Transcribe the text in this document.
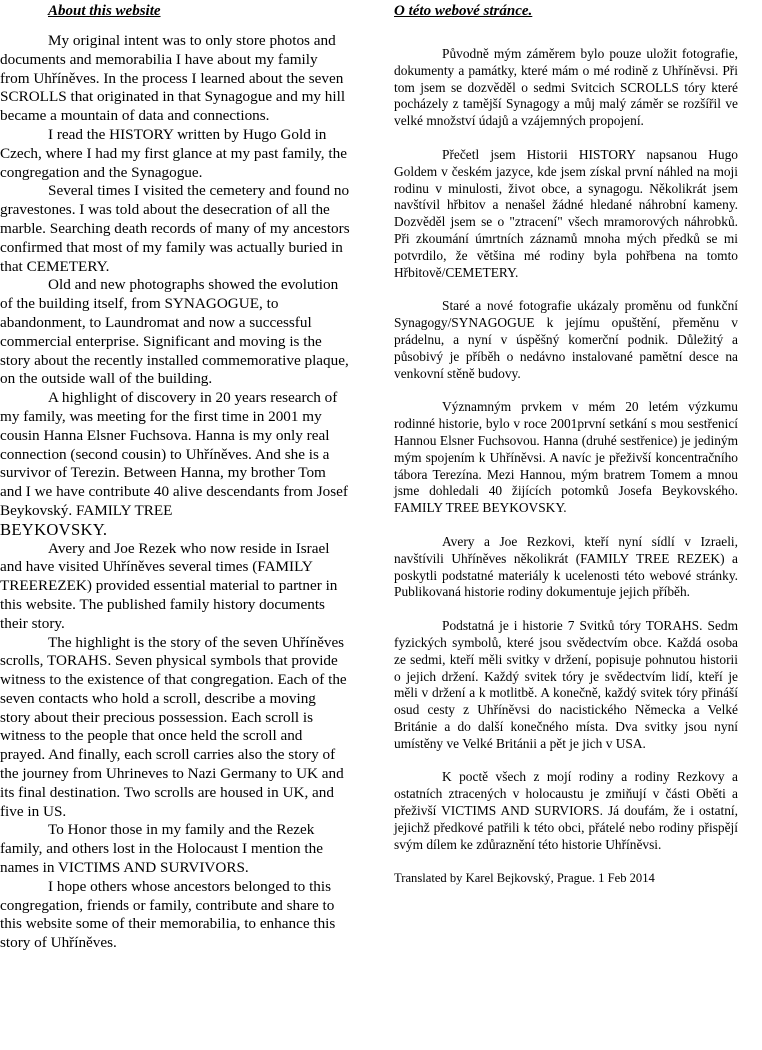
About this website

My original intent was to only store photos and documents and memorabilia I have about my family from Uhříněves. In the process I learned about the seven SCROLLS that originated in that Synagogue and my hill became a mountain of data and connections.

I read the HISTORY written by Hugo Gold in Czech, where I had my first glance at my past family, the congregation and the Synagogue.

Several times I visited the cemetery and found no gravestones. I was told about the desecration of all the marble. Searching death records of many of my ancestors confirmed that most of my family was actually buried in that CEMETERY.

Old and new photographs showed the evolution of the building itself, from SYNAGOGUE, to abandonment, to Laundromat and now a successful commercial enterprise. Significant and moving is the story about the recently installed commemorative plaque, on the outside wall of the building.

A highlight of discovery in 20 years research of my family, was meeting for the first time in 2001 my cousin Hanna Elsner Fuchsova. Hanna is my only real connection (second cousin) to Uhříněves. And she is a survivor of Terezin. Between Hanna, my brother Tom and I we have contribute 40 alive descendants from Josef Beykovský. FAMILY TREE

BEYKOVSKY.

Avery and Joe Rezek who now reside in Israel and have visited Uhříněves several times (FAMILY TREEREZEK) provided essential material to partner in this website. The published family history documents their story.

The highlight is the story of the seven Uhříněves scrolls, TORAHS. Seven physical symbols that provide witness to the existence of that congregation. Each of the seven contacts who hold a scroll, describe a moving story about their precious possession. Each scroll is witness to the people that once held the scroll and prayed. And finally, each scroll carries also the story of the journey from Uhrineves to Nazi Germany to UK and its final destination. Two scrolls are housed in UK, and five in US.

To Honor those in my family and the Rezek family, and others lost in the Holocaust I mention the names in VICTIMS AND SURVIVORS.

I hope others whose ancestors belonged to this congregation, friends or family, contribute and share to this website some of their memorabilia, to enhance this story of Uhříněves.

O této webové stránce.

Původně mým záměrem bylo pouze uložit fotografie, dokumenty a památky, které mám o mé rodině z Uhříněvsi. Při tom jsem se dozvěděl o sedmi Svitcich SCROLLS tóry které pocházely z tamější Synagogy a můj malý záměr se rozšířil ve velké množství údajů a vzájemných propojení.

Přečetl jsem Historii HISTORY napsanou Hugo Goldem v českém jazyce, kde jsem získal první náhled na moji rodinu v minulosti, život obce, a synagogu. Několikrát jsem navštívil hřbitov a nenašel žádné hledané náhrobní kameny. Dozvěděl jsem se o "ztracení" všech mramorových náhrobků. Při zkoumání úmrtních záznamů mnoha mých předků se mi potvrdilo, že většina mé rodiny byla pohřbena na tomto Hřbitově/CEMETERY.

Staré a nové fotografie ukázaly proměnu od funkční Synagogy/SYNAGOGUE k jejímu opuštění, přeměnu v prádelnu, a nyní v úspěšný komerční podnik. Důležitý a působivý je příběh o nedávno instalované pamětní desce na venkovní stěně budovy.

Významným prvkem v mém 20 letém výzkumu rodinné historie, bylo v roce 2001první setkání s mou sestřenicí Hannou Elsner Fuchsovou. Hanna (druhé sestřenice) je jediným mým spojením k Uhříněvsi. A navíc je přeživší koncentračního tábora Terezína. Mezi Hannou, mým bratrem Tomem a mnou jsme dohledali 40 žijících potomků Josefa Beykovského. FAMILY TREE BEYKOVSKY.

Avery a Joe Rezkovi, kteří nyní sídlí v Izraeli, navštívili Uhříněves několikrát (FAMILY TREE REZEK) a poskytli podstatné materiály k ucelenosti této webové stránky. Publikovaná historie rodiny dokumentuje jejich příběh.

Podstatná je i historie 7 Svitků tóry TORAHS. Sedm fyzických symbolů, které jsou svědectvím obce. Každá osoba ze sedmi, kteří měli svitky v držení, popisuje pohnutou historii o jejich držení. Každý svitek tóry je svědectvím lidí, kteří je měli v držení a k motlitbě. A konečně, každý svitek tóry přináší osud cesty z Uhříněvsi do nacistického Německa a Velké Británie a do další konečného místa. Dva svitky jsou nyní umístěny ve Velké Británii a pět je jich v USA.

K poctě všech z mojí rodiny a rodiny Rezkovy a ostatních ztracených v holocaustu je zmiňují v části Oběti a přeživší VICTIMS AND SURVIORS. Já doufám, že i ostatní, jejichž předkové patřili k této obci, přátelé nebo rodiny přispějí svým dílem ke zdůraznění této historie Uhříněvsi.

Translated by Karel Bejkovský, Prague. 1 Feb 2014
